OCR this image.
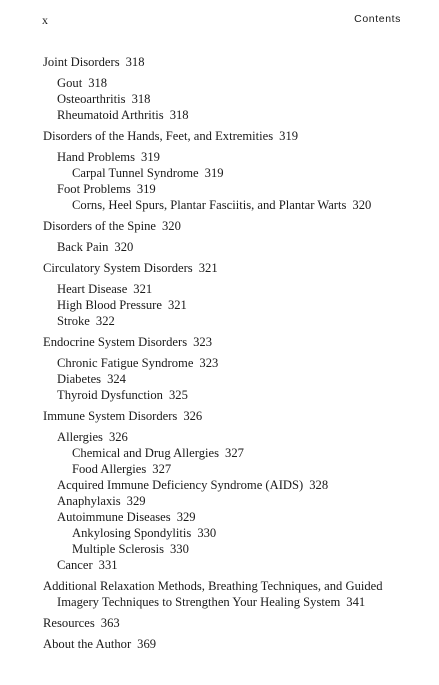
x	Contents
Joint Disorders 318
Gout 318
Osteoarthritis 318
Rheumatoid Arthritis 318
Disorders of the Hands, Feet, and Extremities 319
Hand Problems 319
Carpal Tunnel Syndrome 319
Foot Problems 319
Corns, Heel Spurs, Plantar Fasciitis, and Plantar Warts 320
Disorders of the Spine 320
Back Pain 320
Circulatory System Disorders 321
Heart Disease 321
High Blood Pressure 321
Stroke 322
Endocrine System Disorders 323
Chronic Fatigue Syndrome 323
Diabetes 324
Thyroid Dysfunction 325
Immune System Disorders 326
Allergies 326
Chemical and Drug Allergies 327
Food Allergies 327
Acquired Immune Deficiency Syndrome (AIDS) 328
Anaphylaxis 329
Autoimmune Diseases 329
Ankylosing Spondylitis 330
Multiple Sclerosis 330
Cancer 331
Additional Relaxation Methods, Breathing Techniques, and Guided
Imagery Techniques to Strengthen Your Healing System 341
Resources 363
About the Author 369
